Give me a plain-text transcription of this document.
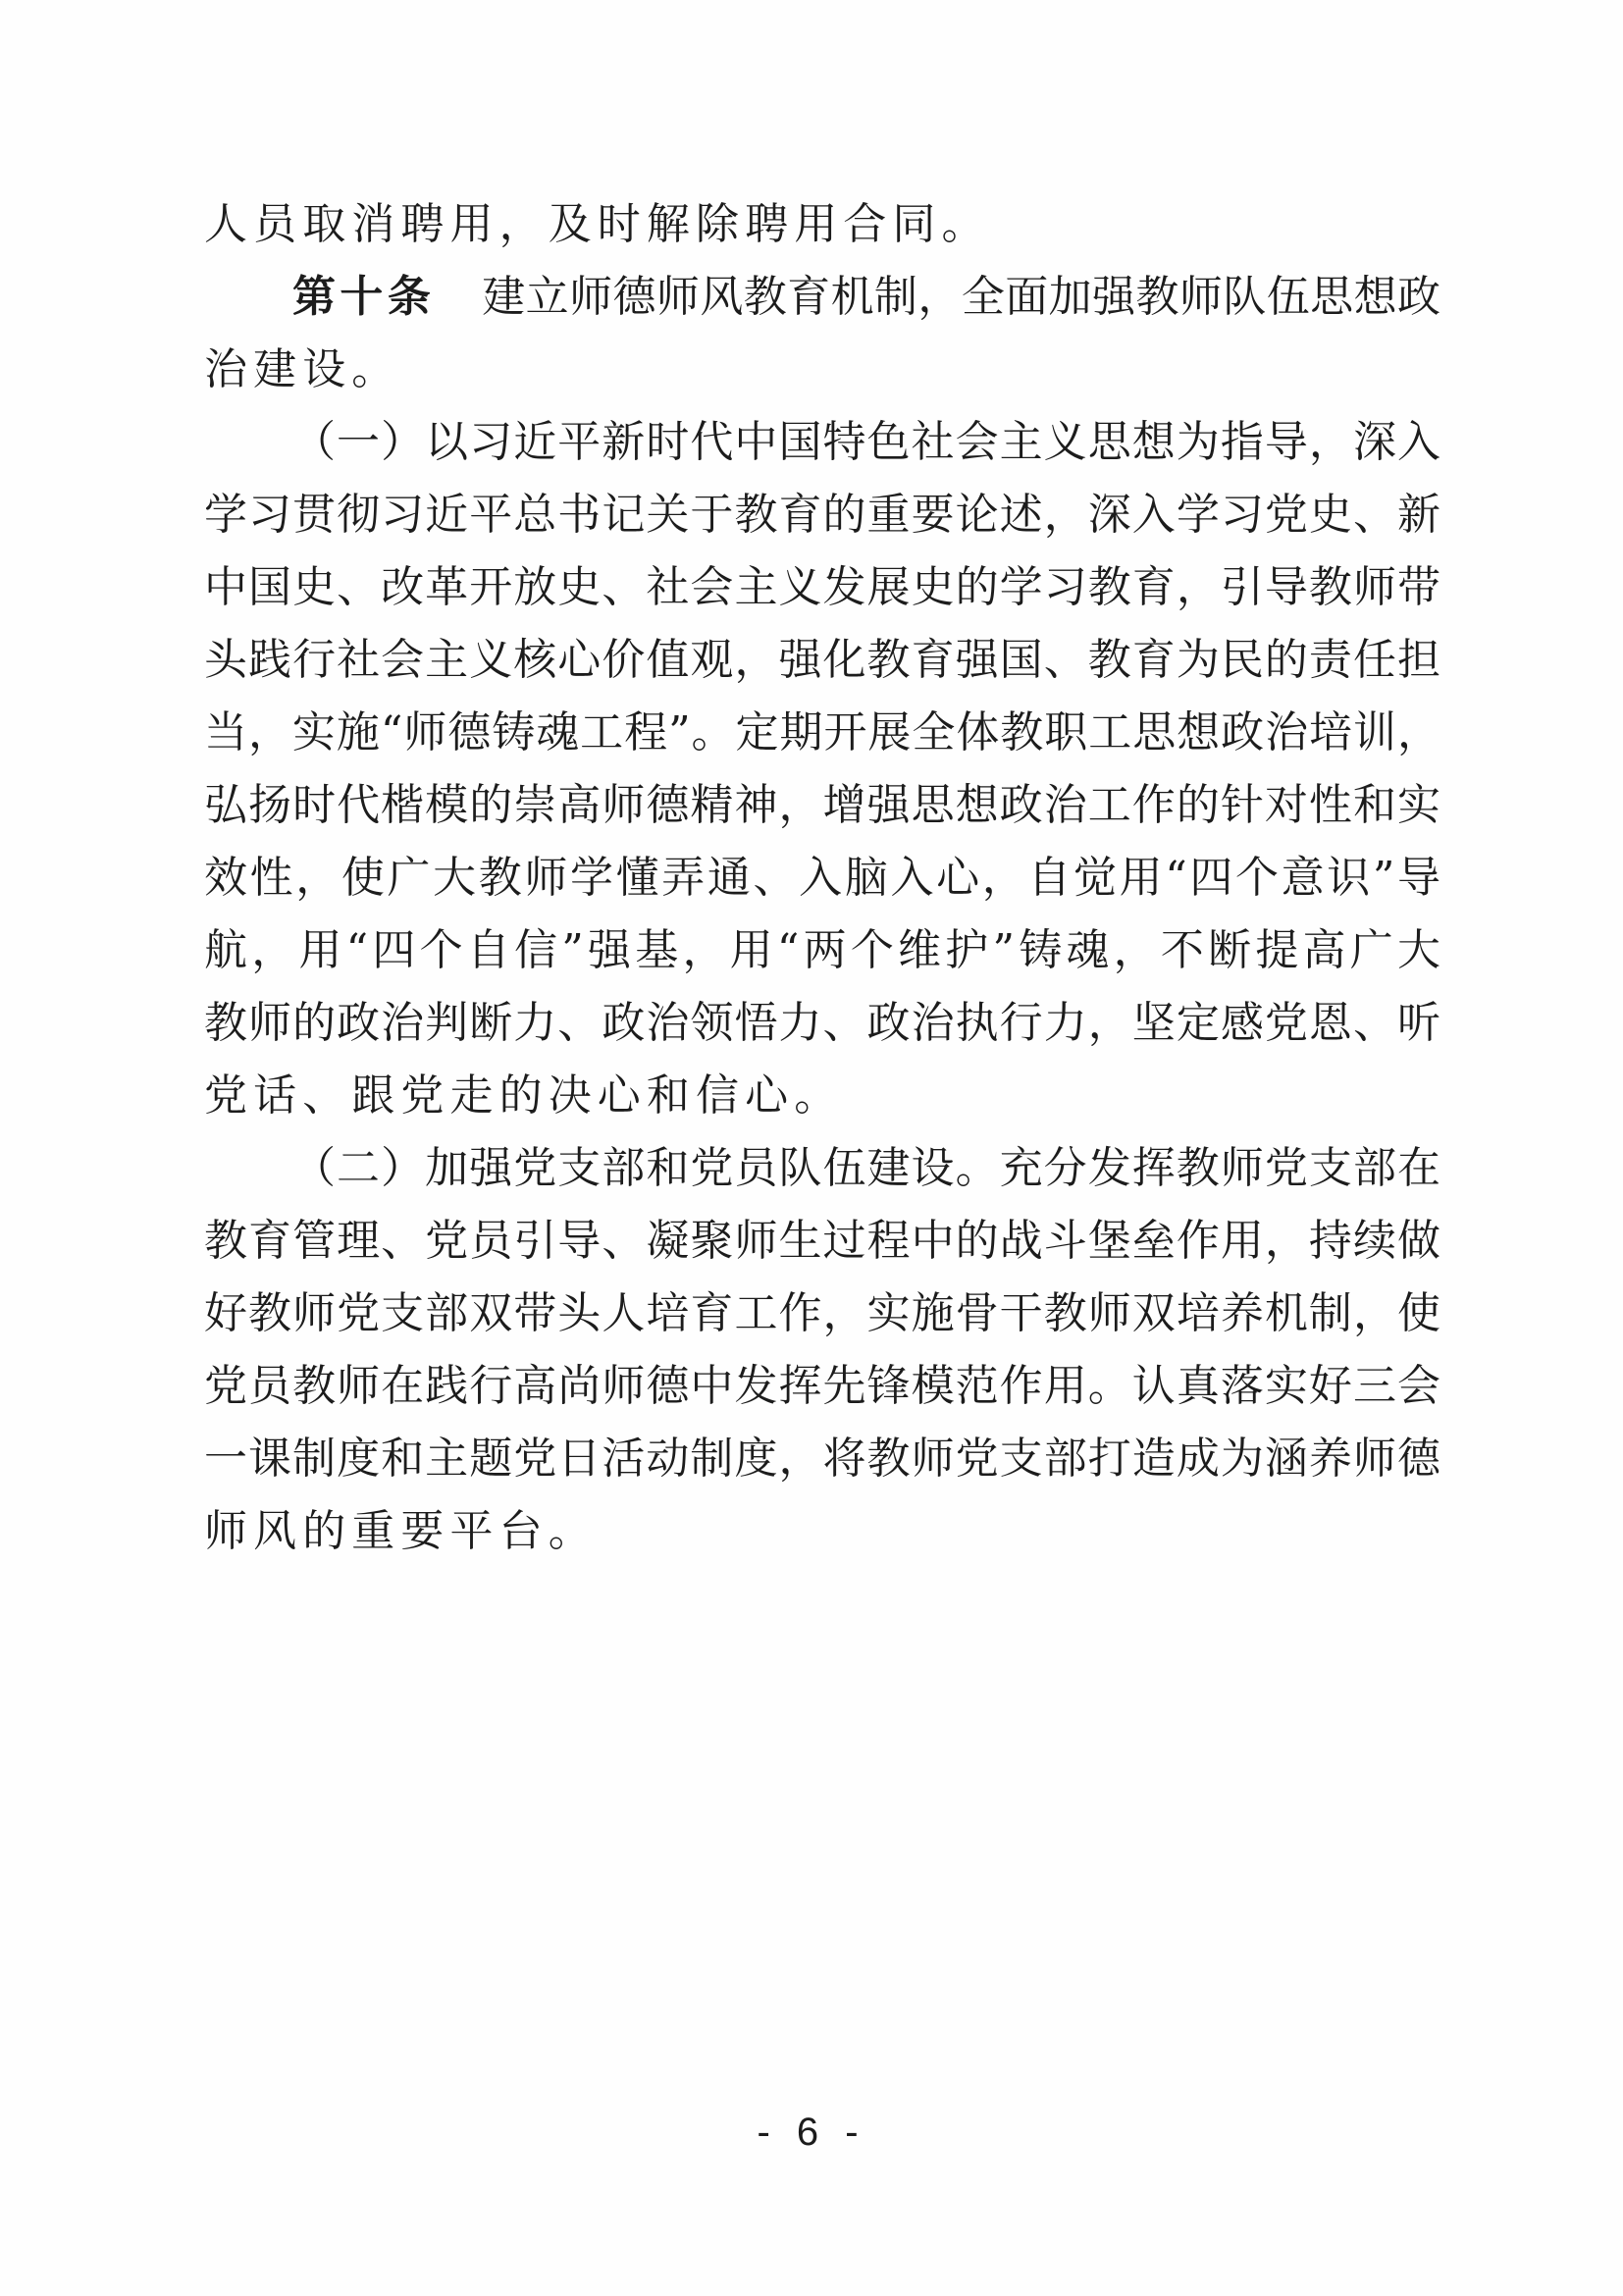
人员取消聘用，及时解除聘用合同。

第十条 建立师德师风教育机制，全面加强教师队伍思想政

治建设。

（一）以习近平新时代中国特色社会主义思想为指导，深入

学习贯彻习近平总书记关于教育的重要论述，深入学习党史、新

中国史、改革开放史、社会主义发展史的学习教育，引导教师带

头践行社会主义核心价值观，强化教育强国、教育为民的责任担

当，实施“师德铸魂工程”。定期开展全体教职工思想政治培训，

弘扬时代楷模的崇高师德精神，增强思想政治工作的针对性和实

效性，使广大教师学懂弄通、入脑入心，自觉用“四个意识”导

航，用“四个自信”强基，用“两个维护”铸魂，不断提高广大

教师的政治判断力、政治领悟力、政治执行力，坚定感党恩、听

党话、跟党走的决心和信心。

（二）加强党支部和党员队伍建设。充分发挥教师党支部在

教育管理、党员引导、凝聚师生过程中的战斗堡垒作用，持续做

好教师党支部双带头人培育工作，实施骨干教师双培养机制，使

党员教师在践行高尚师德中发挥先锋模范作用。认真落实好三会

一课制度和主题党日活动制度，将教师党支部打造成为涵养师德

师风的重要平台。

- 6 -
